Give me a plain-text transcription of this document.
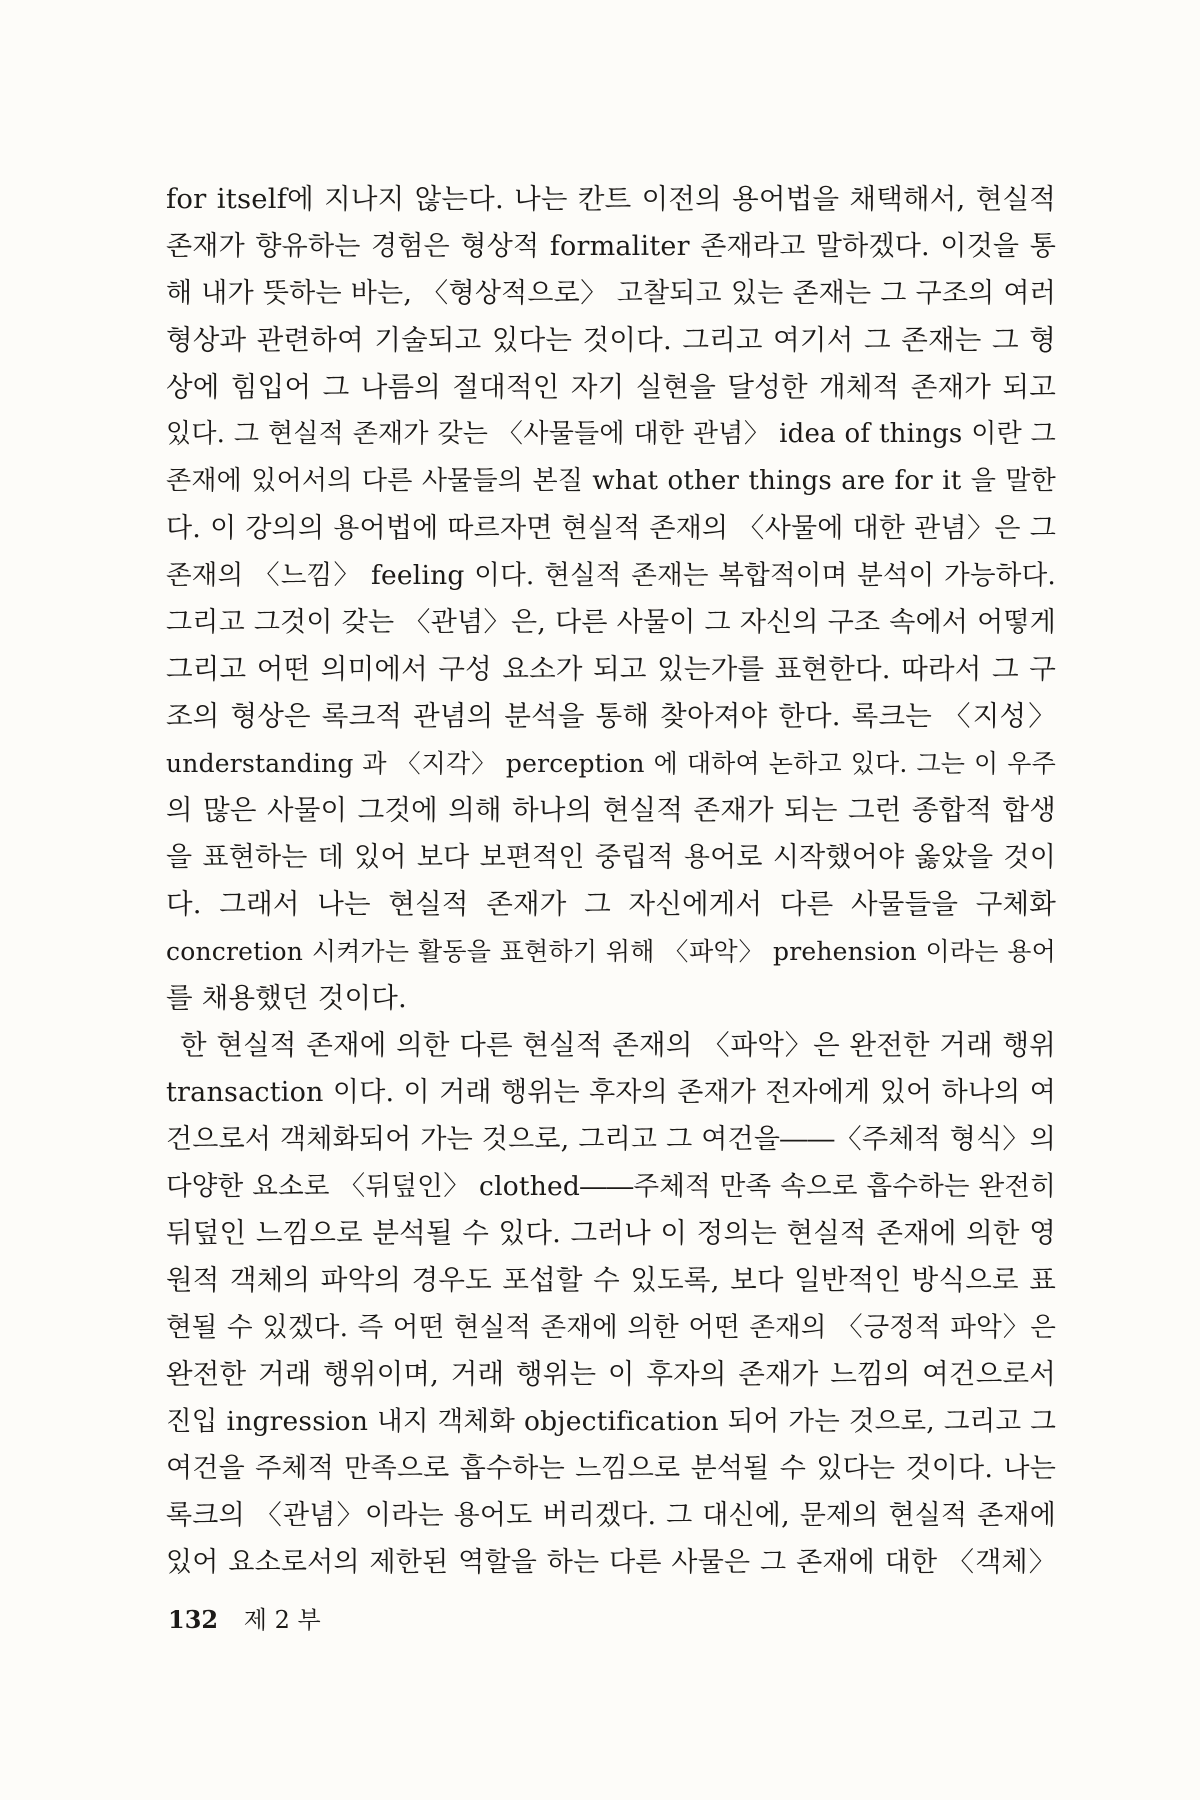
for itself에 지나지 않는다. 나는 칸트 이전의 용어법을 채택해서, 현실적
존재가 향유하는 경험은 형상적 formaliter 존재라고 말하겠다. 이것을 통
해 내가 뜻하는 바는, 〈형상적으로〉 고찰되고 있는 존재는 그 구조의 여러
형상과 관련하여 기술되고 있다는 것이다. 그리고 여기서 그 존재는 그 형
상에 힘입어 그 나름의 절대적인 자기 실현을 달성한 개체적 존재가 되고
있다. 그 현실적 존재가 갖는 〈사물들에 대한 관념〉 idea of things 이란 그
존재에 있어서의 다른 사물들의 본질 what other things are for it 을 말한
다. 이 강의의 용어법에 따르자면 현실적 존재의 〈사물에 대한 관념〉은 그
존재의 〈느낌〉 feeling 이다. 현실적 존재는 복합적이며 분석이 가능하다.
그리고 그것이 갖는 〈관념〉은, 다른 사물이 그 자신의 구조 속에서 어떻게
그리고 어떤 의미에서 구성 요소가 되고 있는가를 표현한다. 따라서 그 구
조의 형상은 록크적 관념의 분석을 통해 찾아져야 한다. 록크는 〈지성〉
understanding 과 〈지각〉 perception 에 대하여 논하고 있다. 그는 이 우주
의 많은 사물이 그것에 의해 하나의 현실적 존재가 되는 그런 종합적 합생
을 표현하는 데 있어 보다 보편적인 중립적 용어로 시작했어야 옳았을 것이
다. 그래서 나는 현실적 존재가 그 자신에게서 다른 사물들을 구체화
concretion 시켜가는 활동을 표현하기 위해 〈파악〉 prehension 이라는 용어
를 채용했던 것이다.
한 현실적 존재에 의한 다른 현실적 존재의 〈파악〉은 완전한 거래 행위
transaction 이다. 이 거래 행위는 후자의 존재가 전자에게 있어 하나의 여
건으로서 객체화되어 가는 것으로, 그리고 그 여건을――〈주체적 형식〉의
다양한 요소로 〈뒤덮인〉 clothed――주체적 만족 속으로 흡수하는 완전히
뒤덮인 느낌으로 분석될 수 있다. 그러나 이 정의는 현실적 존재에 의한 영
원적 객체의 파악의 경우도 포섭할 수 있도록, 보다 일반적인 방식으로 표
현될 수 있겠다. 즉 어떤 현실적 존재에 의한 어떤 존재의 〈긍정적 파악〉은
완전한 거래 행위이며, 거래 행위는 이 후자의 존재가 느낌의 여건으로서
진입 ingression 내지 객체화 objectification 되어 가는 것으로, 그리고 그
여건을 주체적 만족으로 흡수하는 느낌으로 분석될 수 있다는 것이다. 나는
록크의 〈관념〉이라는 용어도 버리겠다. 그 대신에, 문제의 현실적 존재에
있어 요소로서의 제한된 역할을 하는 다른 사물은 그 존재에 대한 〈객체〉
132 제 2 부
